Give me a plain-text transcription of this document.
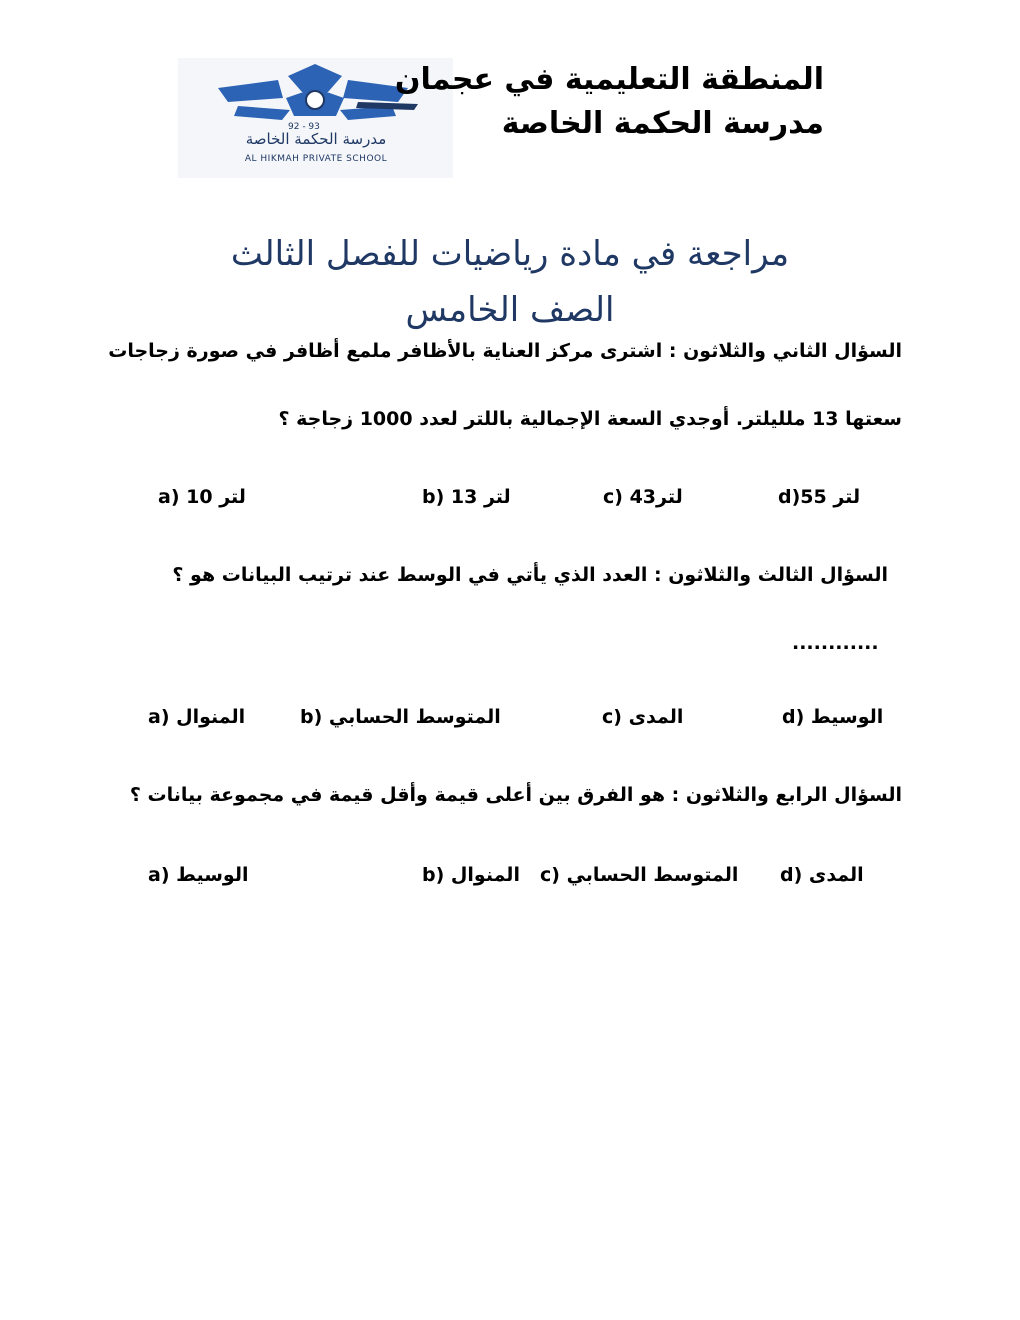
92 - 93
مدرسة الحكمة الخاصة
AL HIKMAH PRIVATE SCHOOL
المنطقة التعليمية في عجمان
مدرسة الحكمة الخاصة
مراجعة في مادة رياضيات للفصل الثالث
الصف الخامس
السؤال الثاني والثلاثون : اشترى مركز العناية بالأظافر ملمع أظافر في صورة زجاجات
سعتها 13 ملليلتر. أوجدي السعة الإجمالية باللتر لعدد 1000 زجاجة ؟
a) لتر 10	b) لتر 13	c) لتر43	d)لتر 55
السؤال الثالث والثلاثون : العدد الذي يأتي في الوسط عند ترتيب البيانات هو ؟
............
a) المنوال	b) المتوسط الحسابي	c) المدى	d) الوسيط
السؤال الرابع والثلاثون : هو الفرق بين أعلى قيمة وأقل قيمة في مجموعة بيانات ؟
a) الوسيط	b) المنوال c) المتوسط الحسابي d) المدى
